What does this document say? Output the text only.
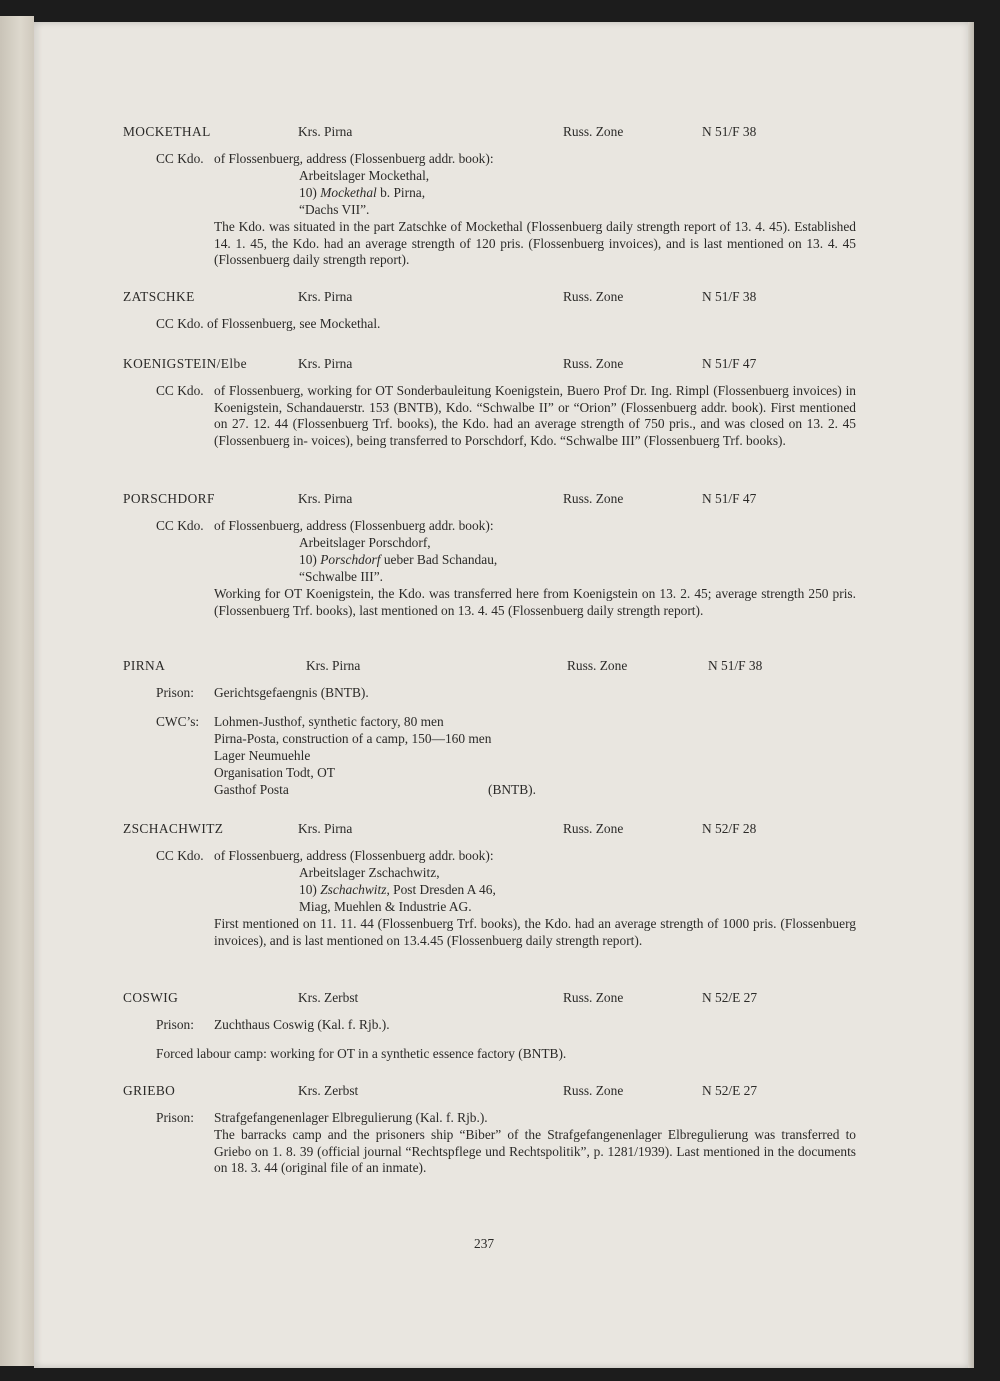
MOCKETHAL	Krs. Pirna	Russ. Zone	N 51/F 38
CC Kdo. of Flossenbuerg, address (Flossenbuerg addr. book):
Arbeitslager Mockethal,
10) Mockethal b. Pirna,
“Dachs VII”.
The Kdo. was situated in the part Zatschke of Mockethal (Flossenbuerg daily strength report of 13. 4. 45). Established 14. 1. 45, the Kdo. had an average strength of 120 pris. (Flossenbuerg invoices), and is last mentioned on 13. 4. 45 (Flossenbuerg daily strength report).
ZATSCHKE	Krs. Pirna	Russ. Zone	N 51/F 38
CC Kdo. of Flossenbuerg, see Mockethal.
KOENIGSTEIN/Elbe	Krs. Pirna	Russ. Zone	N 51/F 47
CC Kdo. of Flossenbuerg, working for OT Sonderbauleitung Koenigstein, Buero Prof Dr. Ing. Rimpl (Flossenbuerg invoices) in Koenigstein, Schandauerstr. 153 (BNTB), Kdo. “Schwalbe II” or “Orion” (Flossenbuerg addr. book). First mentioned on 27. 12. 44 (Flossenbuerg Trf. books), the Kdo. had an average strength of 750 pris., and was closed on 13. 2. 45 (Flossenbuerg in- voices), being transferred to Porschdorf, Kdo. “Schwalbe III” (Flossenbuerg Trf. books).
PORSCHDORF	Krs. Pirna	Russ. Zone	N 51/F 47
CC Kdo. of Flossenbuerg, address (Flossenbuerg addr. book):
Arbeitslager Porschdorf,
10) Porschdorf ueber Bad Schandau,
“Schwalbe III”.
Working for OT Koenigstein, the Kdo. was transferred here from Koenigstein on 13. 2. 45; average strength 250 pris. (Flossenbuerg Trf. books), last mentioned on 13. 4. 45 (Flossenbuerg daily strength report).
PIRNA	Krs. Pirna	Russ. Zone	N 51/F 38
Prison: Gerichtsgefaengnis (BNTB).
CWC’s: Lohmen-Justhof, synthetic factory, 80 men
Pirna-Posta, construction of a camp, 150—160 men
Lager Neumuehle
Organisation Todt, OT
Gasthof Posta	(BNTB).
ZSCHACHWITZ	Krs. Pirna	Russ. Zone	N 52/F 28
CC Kdo. of Flossenbuerg, address (Flossenbuerg addr. book):
Arbeitslager Zschachwitz,
10) Zschachwitz, Post Dresden A 46,
Miag, Muehlen & Industrie AG.
First mentioned on 11. 11. 44 (Flossenbuerg Trf. books), the Kdo. had an average strength of 1000 pris. (Flossenbuerg invoices), and is last mentioned on 13.4.45 (Flossenbuerg daily strength report).
COSWIG	Krs. Zerbst	Russ. Zone	N 52/E 27
Prison: Zuchthaus Coswig (Kal. f. Rjb.).
Forced labour camp: working for OT in a synthetic essence factory (BNTB).
GRIEBO	Krs. Zerbst	Russ. Zone	N 52/E 27
Prison: Strafgefangenenlager Elbregulierung (Kal. f. Rjb.).
The barracks camp and the prisoners ship “Biber” of the Strafgefangenenlager Elbregulierung was transferred to Griebo on 1. 8. 39 (official journal “Rechtspflege und Rechtspolitik”, p. 1281/1939). Last mentioned in the documents on 18. 3. 44 (original file of an inmate).
237
